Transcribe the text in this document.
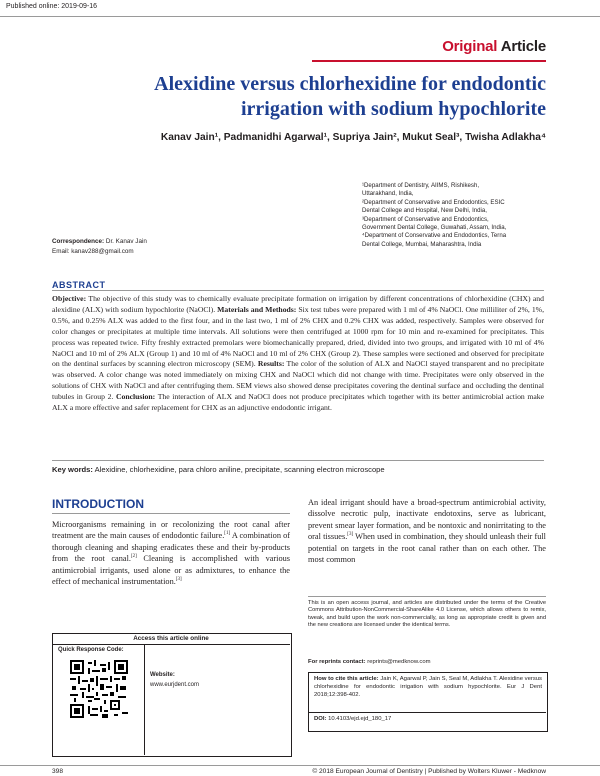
Published online: 2019-09-16
Original Article
Alexidine versus chlorhexidine for endodontic
irrigation with sodium hypochlorite
Kanav Jain¹, Padmanidhi Agarwal¹, Supriya Jain², Mukut Seal³, Twisha Adlakha⁴
¹Department of Dentistry, AIIMS, Rishikesh,
Uttarakhand, India,
²Department of Conservative and Endodontics, ESIC
Dental College and Hospital, New Delhi, India,
³Department of Conservative and Endodontics,
Government Dental College, Guwahati, Assam, India,
⁴Department of Conservative and Endodontics, Terna
Dental College, Mumbai, Maharashtra, India
Correspondence: Dr. Kanav Jain
Email: kanav288@gmail.com
ABSTRACT
Objective: The objective of this study was to chemically evaluate precipitate formation on irrigation by different concentrations of chlorhexidine (CHX) and alexidine (ALX) with sodium hypochlorite (NaOCl). Materials and Methods: Six test tubes were prepared with 1 ml of 4% NaOCl. One milliliter of 2%, 1%, 0.5%, and 0.25% ALX was added to the first four, and in the last two, 1 ml of 2% CHX and 0.2% CHX was added, respectively. Samples were observed for color changes or precipitates at multiple time intervals. All solutions were then centrifuged at 1000 rpm for 10 min and re-examined for precipitates. This process was repeated twice. Fifty freshly extracted premolars were biomechanically prepared, dried, divided into two groups, and irrigated with 10 ml of 4% NaOCl and 10 ml of 2% ALX (Group 1) and 10 ml of 4% NaOCl and 10 ml of 2% CHX (Group 2). These samples were sectioned and observed for precipitate on the dentinal surfaces by scanning electron microscopy (SEM). Results: The color of the solution of ALX and NaOCl stayed transparent and no precipitate was observed. A color change was noted immediately on mixing CHX and NaOCl which did not change with time. Precipitates were only observed in the solutions of CHX with NaOCl and after centrifuging them. SEM views also showed dense precipitates covering the dentinal surface and occluding the dentinal tubules in Group 2. Conclusion: The interaction of ALX and NaOCl does not produce precipitates which together with its better antimicrobial action make ALX a more effective and safer replacement for CHX as an adjunctive endodontic irrigant.
Key words: Alexidine, chlorhexidine, para chloro aniline, precipitate, scanning electron microscope
INTRODUCTION
Microorganisms remaining in or recolonizing the root canal after treatment are the main causes of endodontic failure.[1] A combination of thorough cleaning and shaping eradicates these and their by-products from the root canal.[2] Cleaning is accomplished with various antimicrobial irrigants, used alone or as admixtures, to enhance the effect of mechanical instrumentation.[3]
An ideal irrigant should have a broad-spectrum antimicrobial activity, dissolve necrotic pulp, inactivate endotoxins, serve as lubricant, prevent smear layer formation, and be nontoxic and nonirritating to the oral tissues.[3] When used in combination, they should unleash their full potential on targets in the root canal rather than on each other. The most common
Access this article online
Quick Response Code:
Website:
www.eurjdent.com
This is an open access journal, and articles are distributed under the terms of the Creative Commons Attribution-NonCommercial-ShareAlike 4.0 License, which allows others to remix, tweak, and build upon the work non-commercially, as long as appropriate credit is given and the new creations are licensed under the identical terms.
For reprints contact: reprints@medknow.com
How to cite this article: Jain K, Agarwal P, Jain S, Seal M, Adlakha T. Alexidine versus chlorhexidine for endodontic irrigation with sodium hypochlorite. Eur J Dent 2018;12:398-402.
DOI: 10.4103/ejd.ejd_180_17
398	© 2018 European Journal of Dentistry | Published by Wolters Kluwer - Medknow
